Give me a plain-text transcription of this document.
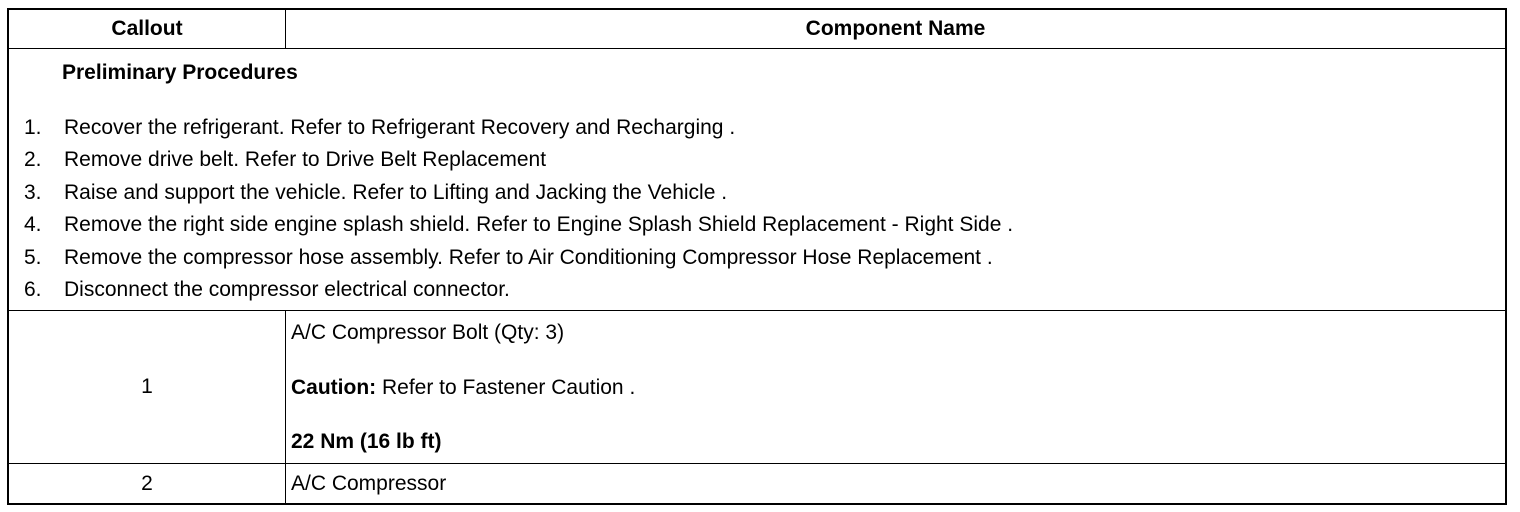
Callout	Component Name
Preliminary Procedures
1. Recover the refrigerant. Refer to Refrigerant Recovery and Recharging .
2. Remove drive belt. Refer to Drive Belt Replacement
3. Raise and support the vehicle. Refer to Lifting and Jacking the Vehicle .
4. Remove the right side engine splash shield. Refer to Engine Splash Shield Replacement - Right Side .
5. Remove the compressor hose assembly. Refer to Air Conditioning Compressor Hose Replacement .
6. Disconnect the compressor electrical connector.
1
A/C Compressor Bolt (Qty: 3)
Caution: Refer to Fastener Caution .
22 Nm (16 lb ft)
2	A/C Compressor
